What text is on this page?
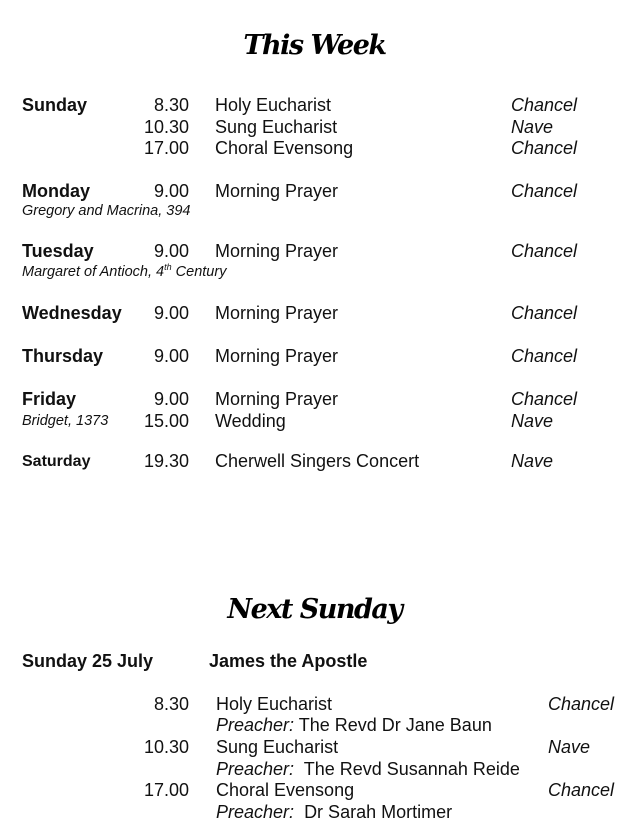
This Week
Sunday	8.30 Holy Eucharist	Chancel
10.30 Sung Eucharist	Nave
17.00 Choral Evensong	Chancel
Monday	9.00 Morning Prayer	Chancel
Gregory and Macrina, 394
Tuesday	9.00 Morning Prayer	Chancel
Margaret of Antioch, 4th Century
Wednesday	9.00 Morning Prayer	Chancel
Thursday	9.00 Morning Prayer	Chancel
Friday	9.00 Morning Prayer	Chancel
Bridget, 1373	15.00 Wedding	Nave
Saturday	19.30 Cherwell Singers Concert	Nave
Next Sunday
Sunday 25 July	James the Apostle
8.30 Holy Eucharist	Chancel
Preacher: The Revd Dr Jane Baun
10.30 Sung Eucharist	Nave
Preacher: The Revd Susannah Reide
17.00 Choral Evensong	Chancel
Preacher: Dr Sarah Mortimer
